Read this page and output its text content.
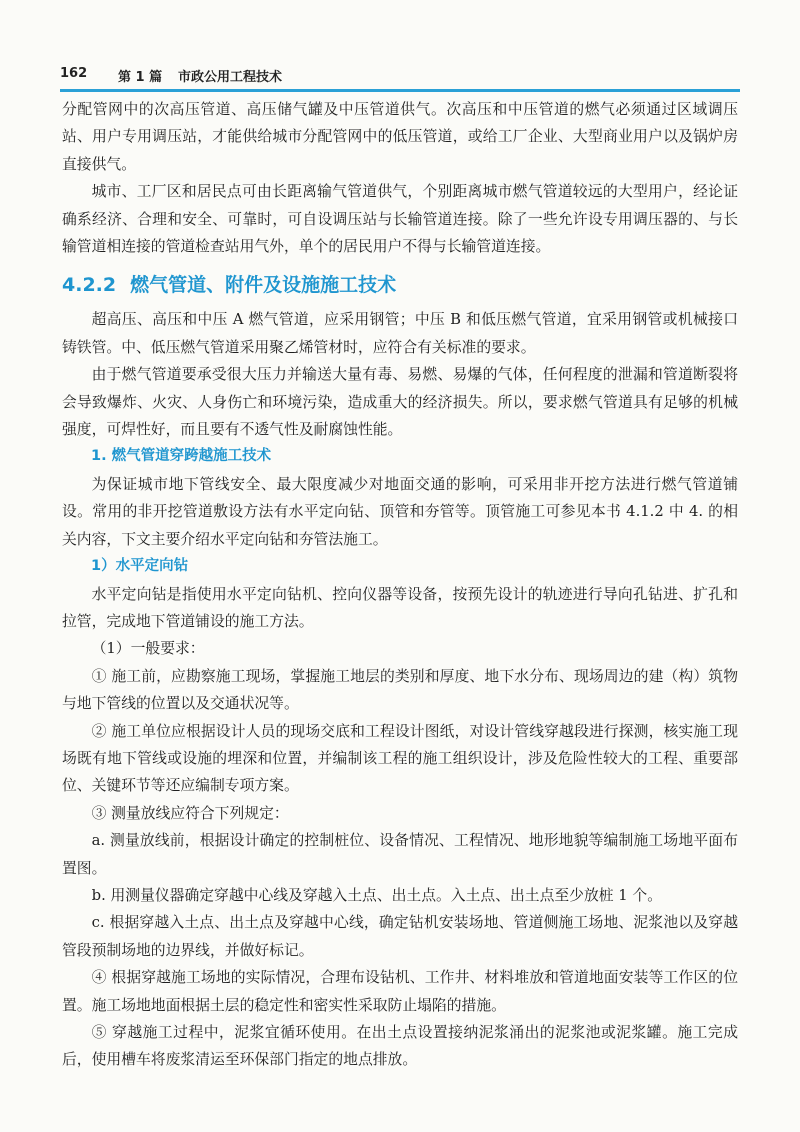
162 第 1 篇 市政公用工程技术

分配管网中的次高压管道、高压储气罐及中压管道供气。次高压和中压管道的燃气必须通过区域调压站、用户专用调压站，才能供给城市分配管网中的低压管道，或给工厂企业、大型商业用户以及锅炉房直接供气。

城市、工厂区和居民点可由长距离输气管道供气，个别距离城市燃气管道较远的大型用户，经论证确系经济、合理和安全、可靠时，可自设调压站与长输管道连接。除了一些允许设专用调压器的、与长输管道相连接的管道检查站用气外，单个的居民用户不得与长输管道连接。

4.2.2 燃气管道、附件及设施施工技术

超高压、高压和中压 A 燃气管道，应采用钢管；中压 B 和低压燃气管道，宜采用钢管或机械接口铸铁管。中、低压燃气管道采用聚乙烯管材时，应符合有关标准的要求。

由于燃气管道要承受很大压力并输送大量有毒、易燃、易爆的气体，任何程度的泄漏和管道断裂将会导致爆炸、火灾、人身伤亡和环境污染，造成重大的经济损失。所以，要求燃气管道具有足够的机械强度，可焊性好，而且要有不透气性及耐腐蚀性能。

1. 燃气管道穿跨越施工技术

为保证城市地下管线安全、最大限度减少对地面交通的影响，可采用非开挖方法进行燃气管道铺设。常用的非开挖管道敷设方法有水平定向钻、顶管和夯管等。顶管施工可参见本书 4.1.2 中 4. 的相关内容，下文主要介绍水平定向钻和夯管法施工。

1）水平定向钻

水平定向钻是指使用水平定向钻机、控向仪器等设备，按预先设计的轨迹进行导向孔钻进、扩孔和拉管，完成地下管道铺设的施工方法。

（1）一般要求：

① 施工前，应勘察施工现场，掌握施工地层的类别和厚度、地下水分布、现场周边的建（构）筑物与地下管线的位置以及交通状况等。

② 施工单位应根据设计人员的现场交底和工程设计图纸，对设计管线穿越段进行探测，核实施工现场既有地下管线或设施的埋深和位置，并编制该工程的施工组织设计，涉及危险性较大的工程、重要部位、关键环节等还应编制专项方案。

③ 测量放线应符合下列规定：

a. 测量放线前，根据设计确定的控制桩位、设备情况、工程情况、地形地貌等编制施工场地平面布置图。

b. 用测量仪器确定穿越中心线及穿越入土点、出土点。入土点、出土点至少放桩 1 个。

c. 根据穿越入土点、出土点及穿越中心线，确定钻机安装场地、管道侧施工场地、泥浆池以及穿越管段预制场地的边界线，并做好标记。

④ 根据穿越施工场地的实际情况，合理布设钻机、工作井、材料堆放和管道地面安装等工作区的位置。施工场地地面根据土层的稳定性和密实性采取防止塌陷的措施。

⑤ 穿越施工过程中，泥浆宜循环使用。在出土点设置接纳泥浆涌出的泥浆池或泥浆罐。施工完成后，使用槽车将废浆清运至环保部门指定的地点排放。
